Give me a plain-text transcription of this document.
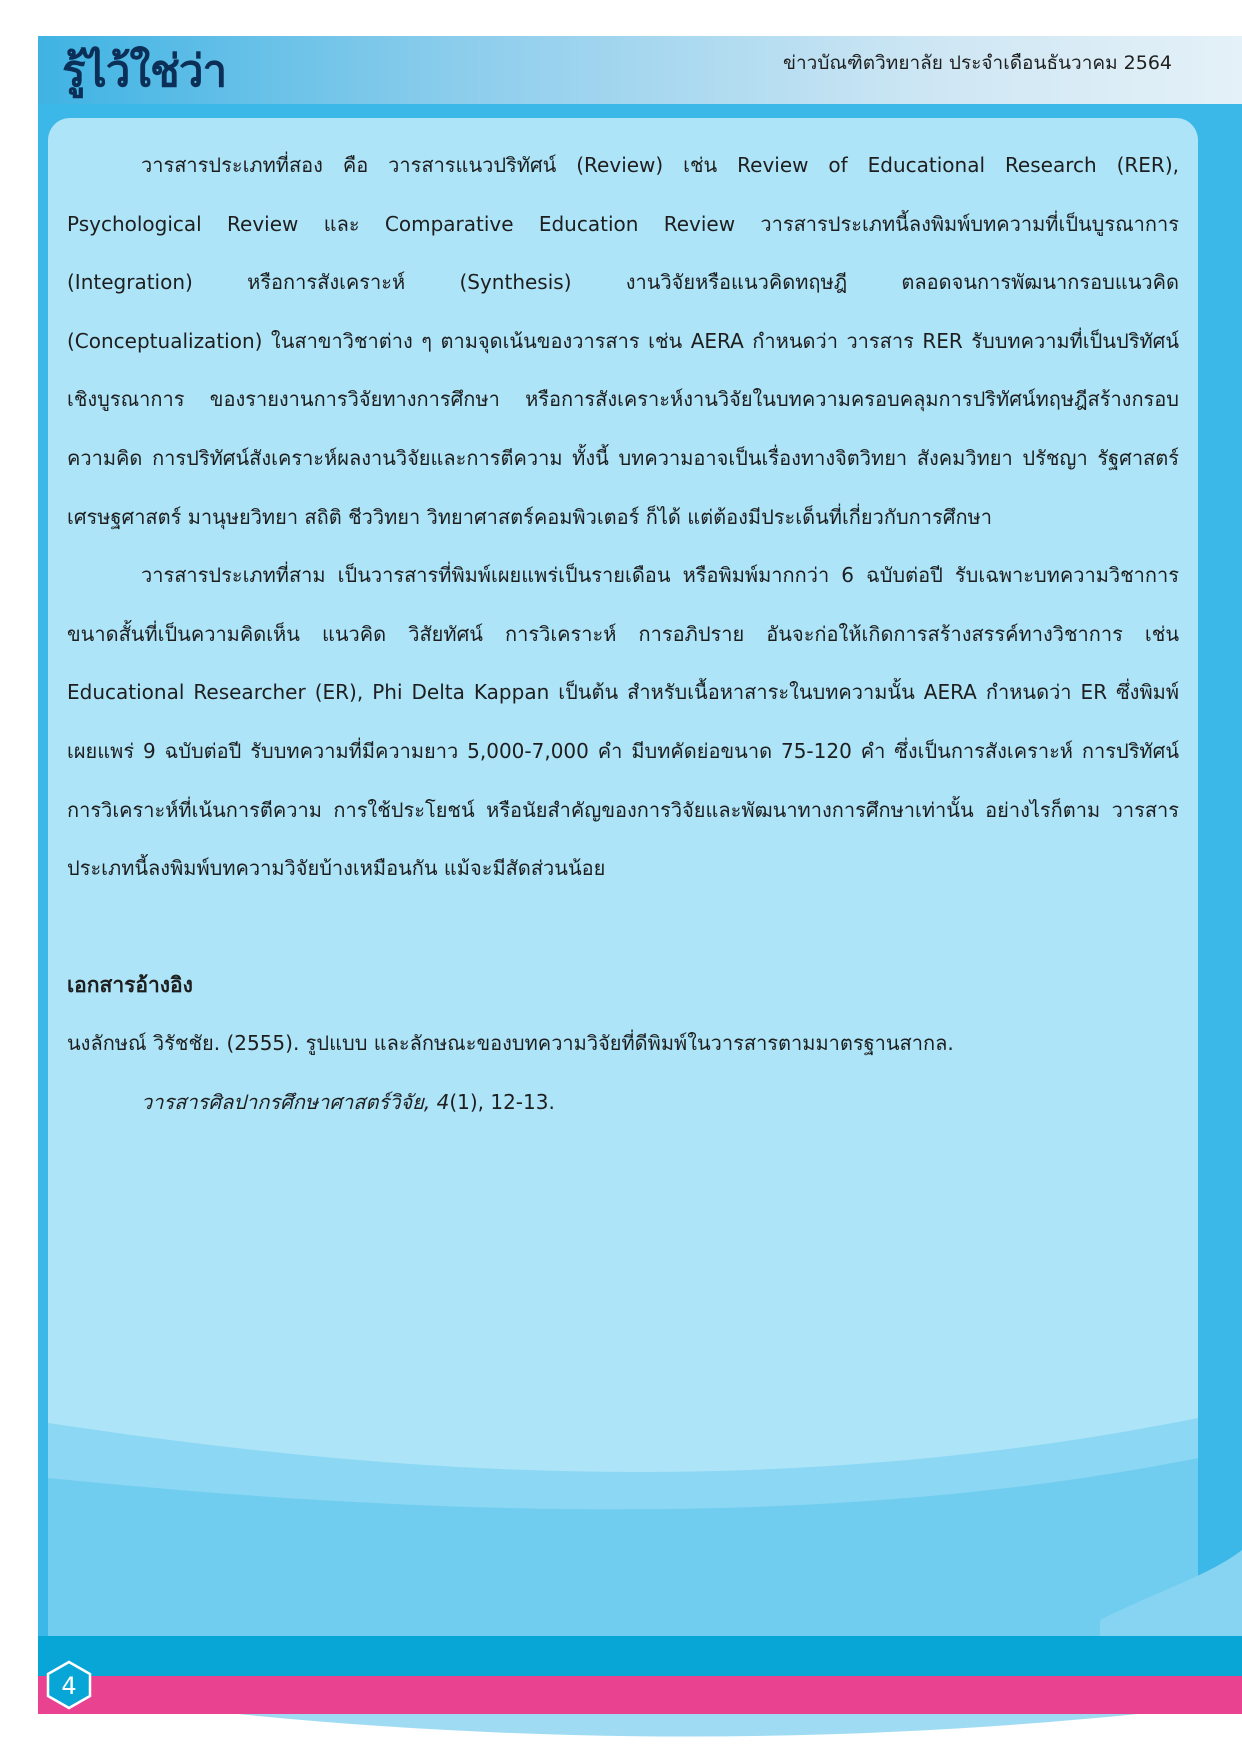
รู้ไว้ใช่ว่า	ข่าวบัณฑิตวิทยาลัย ประจำเดือนธันวาคม 2564

วารสารประเภทที่สอง คือ วารสารแนวปริทัศน์ (Review) เช่น Review of Educational Research (RER), Psychological Review และ Comparative Education Review วารสารประเภทนี้ลงพิมพ์บทความที่เป็นบูรณาการ (Integration) หรือการสังเคราะห์ (Synthesis) งานวิจัยหรือแนวคิดทฤษฎี ตลอดจนการพัฒนากรอบแนวคิด (Conceptualization) ในสาขาวิชาต่าง ๆ ตามจุดเน้นของวารสาร เช่น AERA กำหนดว่า วารสาร RER รับบทความที่เป็นปริทัศน์เชิงบูรณาการ ของรายงานการวิจัยทางการศึกษา หรือการสังเคราะห์งานวิจัยในบทความครอบคลุมการปริทัศน์ทฤษฎีสร้างกรอบความคิด การปริทัศน์สังเคราะห์ผลงานวิจัยและการตีความ ทั้งนี้ บทความอาจเป็นเรื่องทางจิตวิทยา สังคมวิทยา ปรัชญา รัฐศาสตร์ เศรษฐศาสตร์ มานุษยวิทยา สถิติ ชีววิทยา วิทยาศาสตร์คอมพิวเตอร์ ก็ได้ แต่ต้องมีประเด็นที่เกี่ยวกับการศึกษา

วารสารประเภทที่สาม เป็นวารสารที่พิมพ์เผยแพร่เป็นรายเดือน หรือพิมพ์มากกว่า 6 ฉบับต่อปี รับเฉพาะบทความวิชาการ ขนาดสั้นที่เป็นความคิดเห็น แนวคิด วิสัยทัศน์ การวิเคราะห์ การอภิปราย อันจะก่อให้เกิดการสร้างสรรค์ทางวิชาการ เช่น Educational Researcher (ER), Phi Delta Kappan เป็นต้น สำหรับเนื้อหาสาระในบทความนั้น AERA กำหนดว่า ER ซึ่งพิมพ์เผยแพร่ 9 ฉบับต่อปี รับบทความที่มีความยาว 5,000-7,000 คำ มีบทคัดย่อขนาด 75-120 คำ ซึ่งเป็นการสังเคราะห์ การปริทัศน์ การวิเคราะห์ที่เน้นการตีความ การใช้ประโยชน์ หรือนัยสำคัญของการวิจัยและพัฒนาทางการศึกษาเท่านั้น อย่างไรก็ตาม วารสารประเภทนี้ลงพิมพ์บทความวิจัยบ้างเหมือนกัน แม้จะมีสัดส่วนน้อย

เอกสารอ้างอิง

นงลักษณ์ วิรัชชัย. (2555). รูปแบบ และลักษณะของบทความวิจัยที่ดีพิมพ์ในวารสารตามมาตรฐานสากล.

วารสารศิลปากรศึกษาศาสตร์วิจัย, 4(1), 12-13.

4
